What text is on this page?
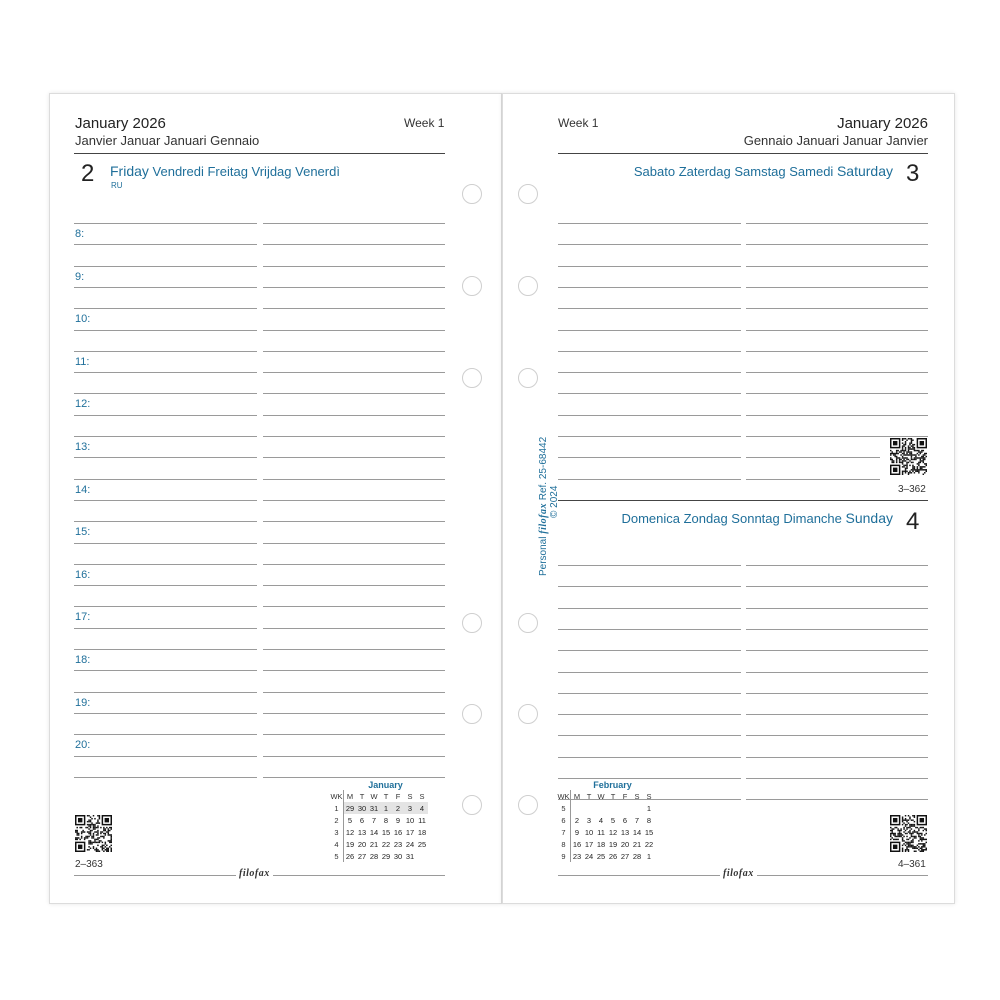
January 2026
Janvier Januar Januari Gennaio
Week 1
2 Friday Vendredi Freitag Vrijdag Venerdì
RU
8:
9:
10:
11:
12:
13:
14:
15:
16:
17:
18:
19:
20:
January
WK	M	T	W	T	F	S	S
1	29	30	31	1	2	3	4
2	5	6	7	8	9	10	11
3	12	13	14	15	16	17	18
4	19	20	21	22	23	24	25
5	26	27	28	29	30	31	
2–363
filofax
Week 1	January 2026
Gennaio Januari Januar Janvier
Sabato Zaterdag Samstag Samedi Saturday 3
3–362
Domenica Zondag Sonntag Dimanche Sunday 4
February
WK	M	T	W	T	F	S	S
5							1
6	2	3	4	5	6	7	8
7	9	10	11	12	13	14	15
8	16	17	18	19	20	21	22
9	23	24	25	26	27	28	1
4–361
filofax
Personal filofax Ref. 25-68442
© 2024
